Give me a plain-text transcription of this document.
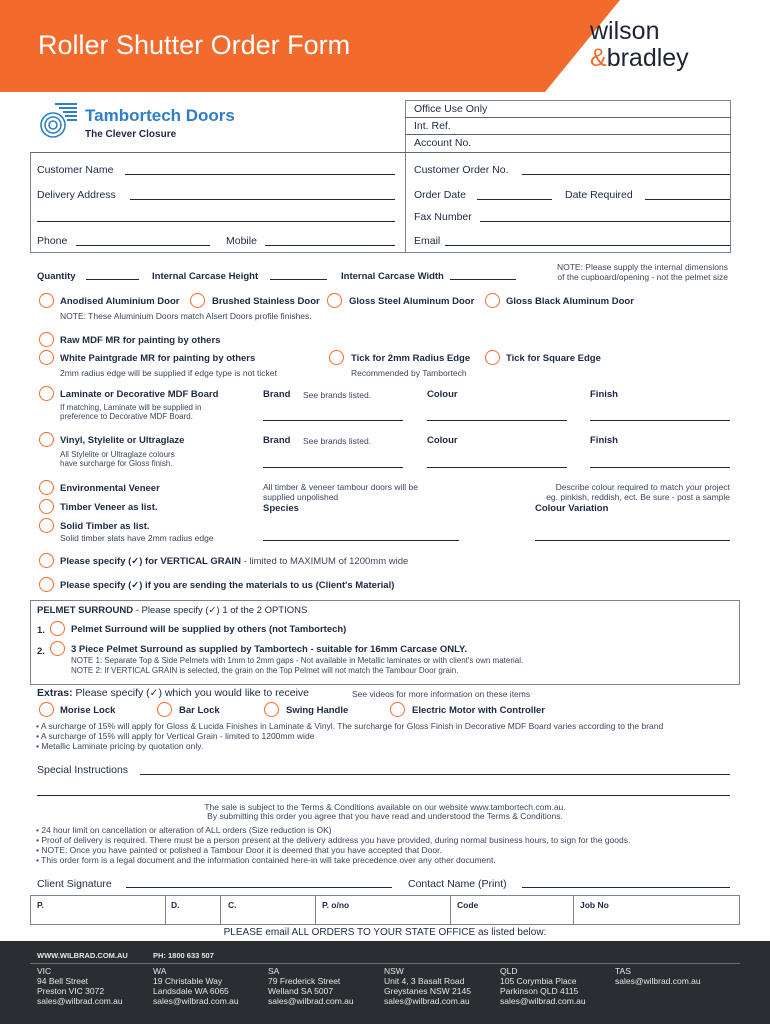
Roller Shutter Order Form	wilson
&bradley
Tambortech Doors
The Clever Closure
Office Use Only
Int. Ref.
Account No.
Customer Name	Customer Order No.
Delivery Address	Order Date	Date Required
Fax Number
Phone	Mobile	Email
Quantity	Internal Carcase Height	Internal Carcase Width
NOTE: Please supply the internal dimensions
of the cupboard/opening - not the pelmet size
Anodised Aluminium Door	Brushed Stainless Door	Gloss Steel Aluminum Door	Gloss Black Aluminum Door
NOTE: These Aluminium Doors match Alsert Doors profile finishes.
Raw MDF MR for painting by others
White Paintgrade MR for painting by others
2mm radius edge will be supplied if edge type is not ticket
Tick for 2mm Radius Edge
Recommended by Tambortech
Tick for Square Edge
Laminate or Decorative MDF Board
If matching, Laminate will be supplied in
preference to Decorative MDF Board.
Brand See brands listed.	Colour	Finish
Vinyl, Stylelite or Ultraglaze
All Stylelite or Ultraglaze colours
have surcharge for Gloss finish.
Brand See brands listed.	Colour	Finish
Environmental Veneer
Timber Veneer as list.
Solid Timber as list.
Solid timber slats have 2mm radius edge
All timber & veneer tambour doors will be
supplied unpolished
Species
Describe colour required to match your project
eg. pinkish, reddish, ect. Be sure - post a sample
Colour Variation
Please specify (✓) for VERTICAL GRAIN - limited to MAXIMUM of 1200mm wide
Please specify (✓) if you are sending the materials to us (Client's Material)
PELMET SURROUND - Please specify (✓) 1 of the 2 OPTIONS
1.	Pelmet Surround will be supplied by others (not Tambortech)
2.	3 Piece Pelmet Surround as supplied by Tambortech - suitable for 16mm Carcase ONLY.
NOTE 1: Separate Top & Side Pelmets with 1mm to 2mm gaps - Not available in Metallic laminates or with client's own material.
NOTE 2: If VERTICAL GRAIN is selected, the grain on the Top Pelmet will not match the Tambour Door grain.
Extras: Please specify (✓) which you would like to receive	See videos for more information on these items
Morise Lock	Bar Lock	Swing Handle	Electric Motor with Controller
• A surcharge of 15% will apply for Gloss & Lucida Finishes in Laminate & Vinyl. The surcharge for Gloss Finish in Decorative MDF Board varies according to the brand
• A surcharge of 15% will apply for Vertical Grain - limited to 1200mm wide
• Metallic Laminate pricing by quotation only.
Special Instructions
The sale is subject to the Terms & Conditions available on our website www.tambortech.com.au.
By submitting this order you agree that you have read and understood the Terms & Conditions.
• 24 hour limit on cancellation or alteration of ALL orders (Size reduction is OK)
• Proof of delivery is required. There must be a person present at the delivery address you have provided, during normal business hours, to sign for the goods.
• NOTE: Once you have painted or polished a Tambour Door it is deemed that you have accepted that Door.
• This order form is a legal document and the information contained here-in will take precedence over any other document.
Client Signature	Contact Name (Print)
P.	D.	C.	P. o/no	Code	Job No
PLEASE email ALL ORDERS TO YOUR STATE OFFICE as listed below:
WWW.WILBRAD.COM.AU	PH: 1800 633 507
VIC
94 Bell Street
Preston VIC 3072
sales@wilbrad.com.au
WA
19 Christable Way
Landsdale WA 6065
sales@wilbrad.com.au
SA
79 Frederick Street
Welland SA 5007
sales@wilbrad.com.au
NSW
Unit 4, 3 Basalt Road
Greystanes NSW 2145
sales@wilbrad.com.au
QLD
105 Corymbia Place
Parkinson QLD 4115
sales@wilbrad.com.au
TAS
sales@wilbrad.com.au
